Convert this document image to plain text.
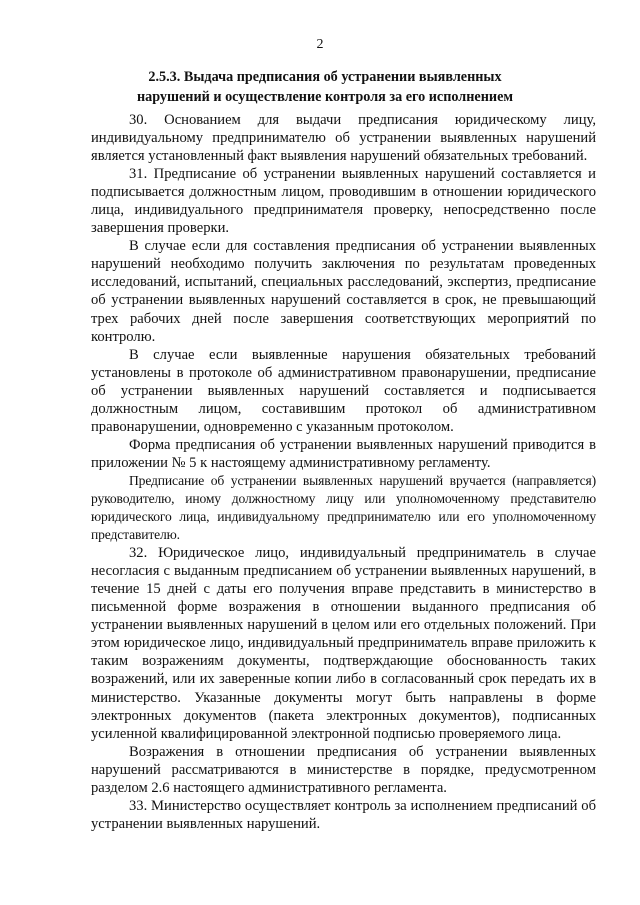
2
2.5.3. Выдача предписания об устранении выявленных
нарушений и осуществление контроля за его исполнением

30. Основанием для выдачи предписания юридическому лицу, индивидуальному предпринимателю об устранении выявленных нарушений является установленный факт выявления нарушений обязательных требований.

31. Предписание об устранении выявленных нарушений составляется и подписывается должностным лицом, проводившим в отношении юридического лица, индивидуального предпринимателя проверку, непосредственно после завершения проверки.

В случае если для составления предписания об устранении выявленных нарушений необходимо получить заключения по результатам проведенных исследований, испытаний, специальных расследований, экспертиз, предписание об устранении выявленных нарушений составляется в срок, не превышающий трех рабочих дней после завершения соответствующих мероприятий по контролю.

В случае если выявленные нарушения обязательных требований установлены в протоколе об административном правонарушении, предписание об устранении выявленных нарушений составляется и подписывается должностным лицом, составившим протокол об административном правонарушении, одновременно с указанным протоколом.

Форма предписания об устранении выявленных нарушений приводится в приложении № 5 к настоящему административному регламенту.

Предписание об устранении выявленных нарушений вручается (направляется) руководителю, иному должностному лицу или уполномоченному представителю юридического лица, индивидуальному предпринимателю или его уполномоченному представителю.

32. Юридическое лицо, индивидуальный предприниматель в случае несогласия с выданным предписанием об устранении выявленных нарушений, в течение 15 дней с даты его получения вправе представить в министерство в письменной форме возражения в отношении выданного предписания об устранении выявленных нарушений в целом или его отдельных положений. При этом юридическое лицо, индивидуальный предприниматель вправе приложить к таким возражениям документы, подтверждающие обоснованность таких возражений, или их заверенные копии либо в согласованный срок передать их в министерство. Указанные документы могут быть направлены в форме электронных документов (пакета электронных документов), подписанных усиленной квалифицированной электронной подписью проверяемого лица.

Возражения в отношении предписания об устранении выявленных нарушений рассматриваются в министерстве в порядке, предусмотренном разделом 2.6 настоящего административного регламента.

33. Министерство осуществляет контроль за исполнением предписаний об устранении выявленных нарушений.
